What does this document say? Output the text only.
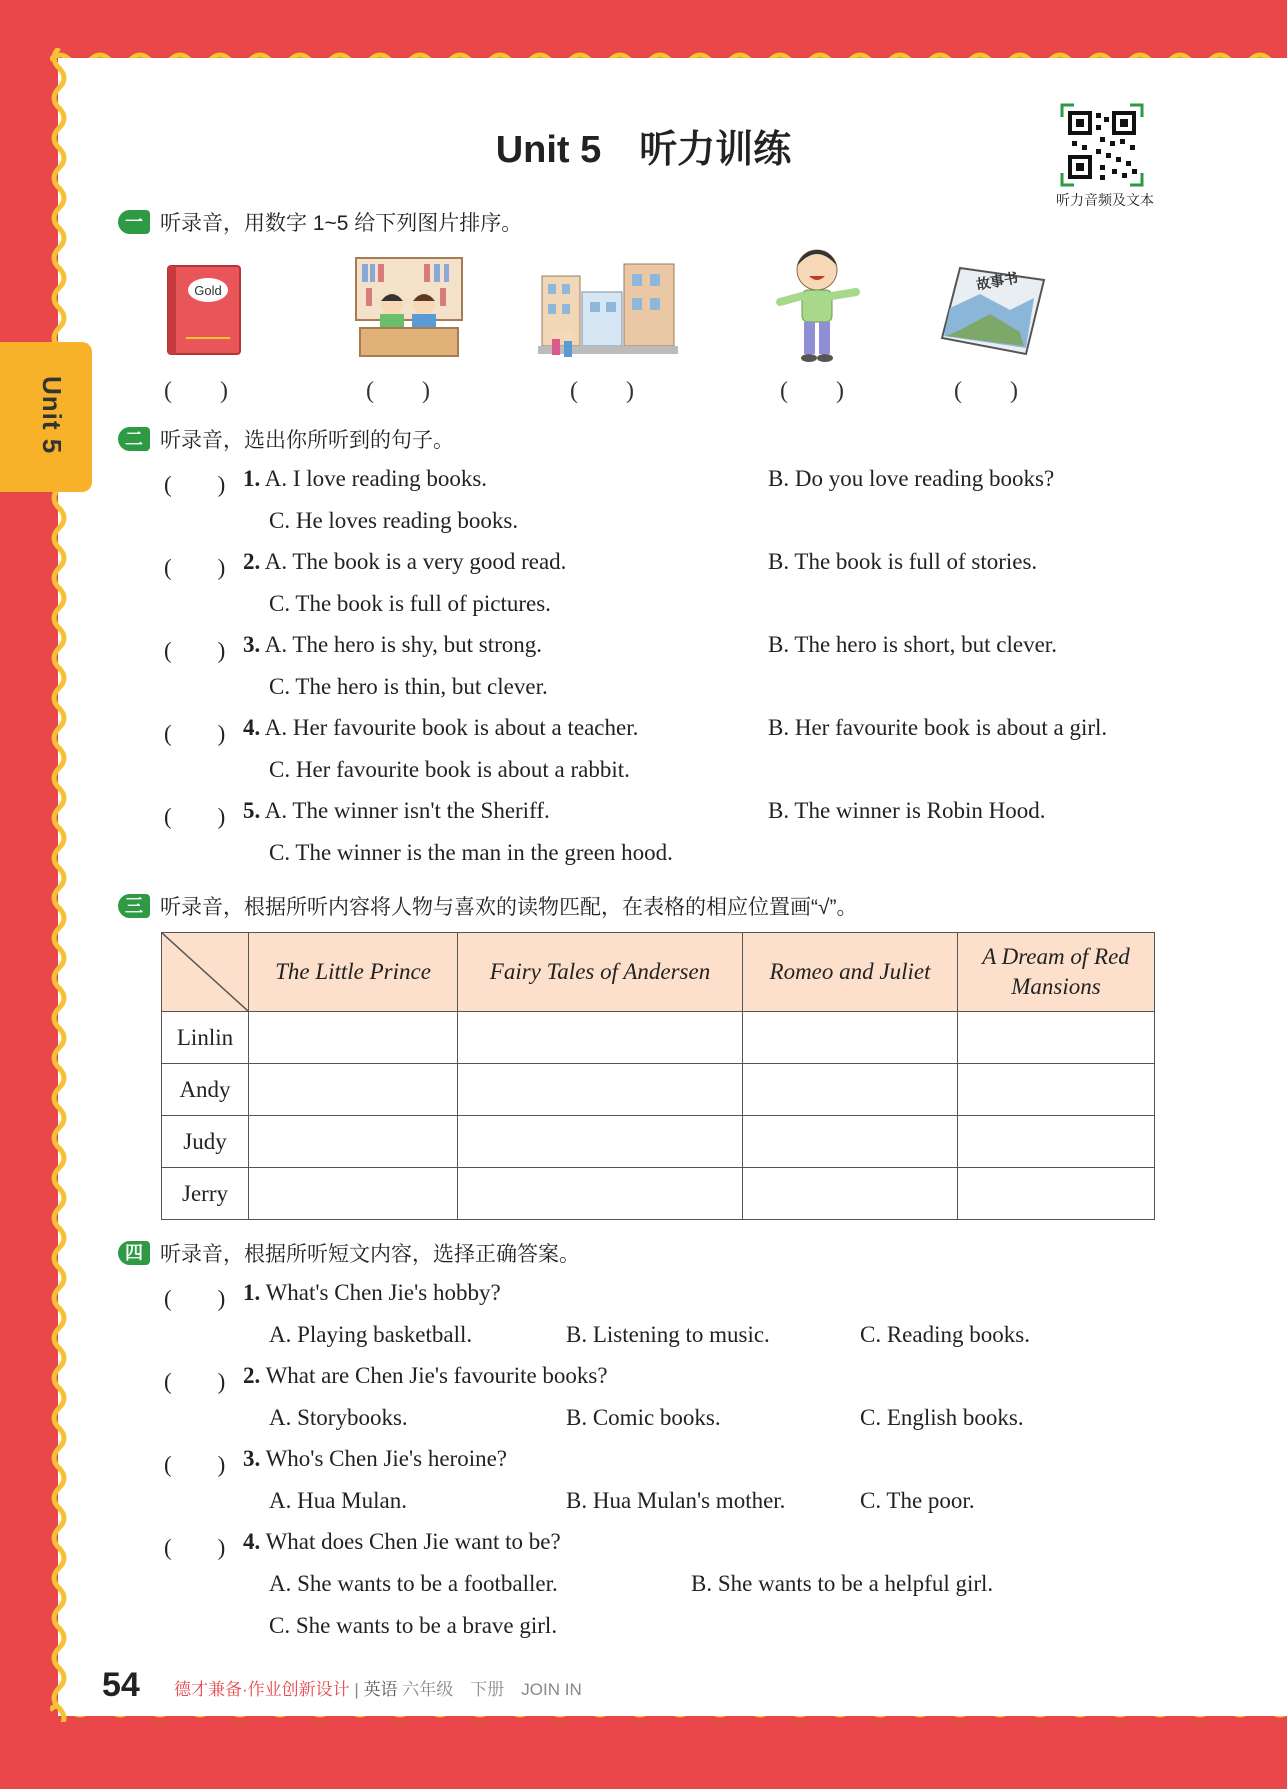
Unit 5
Unit 5　听力训练
听力音频及文本
一 听录音，用数字 1~5 给下列图片排序。
Gold	故事书
(　　)	(　　)	(　　)	(　　)	(　　)
二 听录音，选出你所听到的句子。
(　　) 1. A. I love reading books.	B. Do you love reading books?
C. He loves reading books.
(　　) 2. A. The book is a very good read.	B. The book is full of stories.
C. The book is full of pictures.
(　　) 3. A. The hero is shy, but strong.	B. The hero is short, but clever.
C. The hero is thin, but clever.
(　　) 4. A. Her favourite book is about a teacher.	B. Her favourite book is about a girl.
C. Her favourite book is about a rabbit.
(　　) 5. A. The winner isn't the Sheriff.	B. The winner is Robin Hood.
C. The winner is the man in the green hood.
三 听录音，根据所听内容将人物与喜欢的读物匹配，在表格的相应位置画“√”。
	The Little Prince	Fairy Tales of Andersen	Romeo and Juliet	A Dream of Red Mansions
Linlin				
Andy				
Judy				
Jerry				
四 听录音，根据所听短文内容，选择正确答案。
(　　) 1. What's Chen Jie's hobby?
A. Playing basketball.	B. Listening to music.	C. Reading books.
(　　) 2. What are Chen Jie's favourite books?
A. Storybooks.	B. Comic books.	C. English books.
(　　) 3. Who's Chen Jie's heroine?
A. Hua Mulan.	B. Hua Mulan's mother.	C. The poor.
(　　) 4. What does Chen Jie want to be?
A. She wants to be a footballer.	B. She wants to be a helpful girl.
C. She wants to be a brave girl.
54 德才兼备·作业创新设计 | 英语 六年级　下册　JOIN IN
